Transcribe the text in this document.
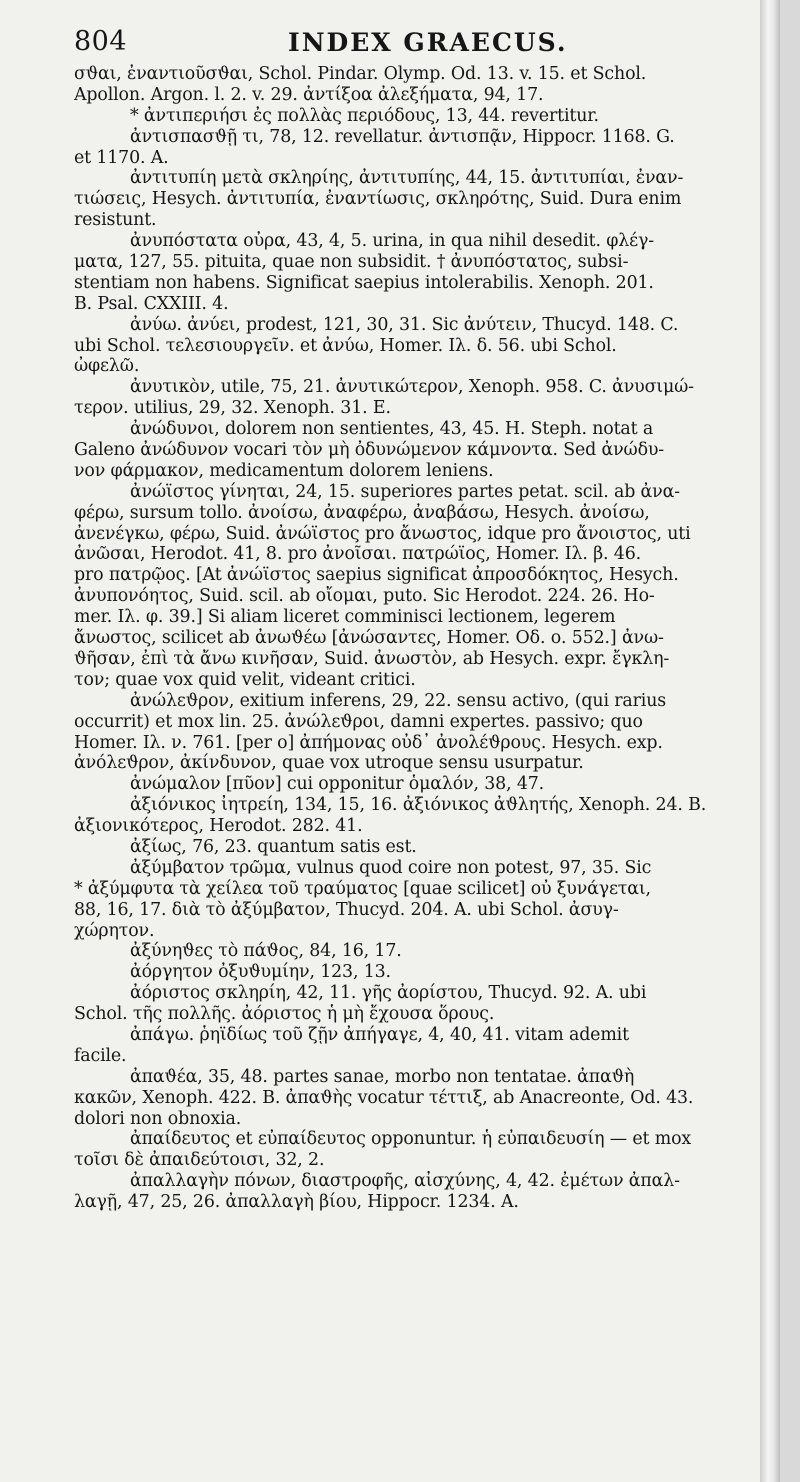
804	INDEX GRAECUS.
σϑαι, ἐναντιοῦσϑαι, Schol. Pindar. Olymp. Od. 13. v. 15. et Schol.
Apollon. Argon. l. 2. v. 29. ἀντίξοα ἀλεξήματα, 94, 17.
* ἀντιπεριήσι ἐς πολλὰς περιόδους, 13, 44. revertitur.
ἀντισπασϑῇ τι, 78, 12. revellatur. ἀντισπᾷν, Hippocr. 1168. G.
et 1170. A.
ἀντιτυπίη μετὰ σκληρίης, ἀντιτυπίης, 44, 15. ἀντιτυπίαι, ἐναν-
τιώσεις, Hesych. ἀντιτυπία, ἐναντίωσις, σκληρότης, Suid. Dura enim
resistunt.
ἀνυπόστατα οὖρα, 43, 4, 5. urina, in qua nihil desedit. φλέγ-
ματα, 127, 55. pituita, quae non subsidit. † ἀνυπόστατος, subsi-
stentiam non habens. Significat saepius intolerabilis. Xenoph. 201.
B. Psal. CXXIII. 4.
ἀνύω. ἀνύει, prodest, 121, 30, 31. Sic ἀνύτειν, Thucyd. 148. C.
ubi Schol. τελεσιουργεῖν. et ἀνύω, Homer. Ιλ. δ. 56. ubi Schol.
ὠφελῶ.
ἀνυτικὸν, utile, 75, 21. ἀνυτικώτερον, Xenoph. 958. C. ἀνυσιμώ-
τερον. utilius, 29, 32. Xenoph. 31. E.
ἀνώδυνοι, dolorem non sentientes, 43, 45. H. Steph. notat a
Galeno ἀνώδυνον vocari τὸν μὴ ὀδυνώμενον κάμνοντα. Sed ἀνώδυ-
νον φάρμακον, medicamentum dolorem leniens.
ἀνώϊστος γίνηται, 24, 15. superiores partes petat. scil. ab ἀνα-
φέρω, sursum tollo. ἀνοίσω, ἀναφέρω, ἀναβάσω, Hesych. ἀνοίσω,
ἀνενέγκω, φέρω, Suid. ἀνώϊστος pro ἄνωστος, idque pro ἄνοιστος, uti
ἀνῶσαι, Herodot. 41, 8. pro ἀνοῖσαι. πατρώϊος, Homer. Ιλ. β. 46.
pro πατρῷος. [At ἀνώϊστος saepius significat ἀπροσδόκητος, Hesych.
ἀνυπονόητος, Suid. scil. ab οἴομαι, puto. Sic Herodot. 224. 26. Ho-
mer. Ιλ. φ. 39.] Si aliam liceret comminisci lectionem, legerem
ἄνωστος, scilicet ab ἀνωϑέω [ἀνώσαντες, Homer. Οδ. ο. 552.] ἀνω-
ϑῆσαν, ἐπὶ τὰ ἄνω κινῆσαν, Suid. ἀνωστὸν, ab Hesych. expr. ἔγκλη-
τον; quae vox quid velit, videant critici.
ἀνώλεϑρον, exitium inferens, 29, 22. sensu activo, (qui rarius
occurrit) et mox lin. 25. ἀνώλεϑροι, damni expertes. passivo; quo
Homer. Ιλ. ν. 761. [per o] ἀπήμονας οὐδ᾽ ἀνολέϑρους. Hesych. exp.
ἀνόλεϑρον, ἀκίνδυνον, quae vox utroque sensu usurpatur.
ἀνώμαλον [πῦον] cui opponitur ὁμαλόν, 38, 47.
ἀξιόνικος ἰητρείη, 134, 15, 16. ἀξιόνικος ἀϑλητής, Xenoph. 24. B.
ἀξιονικότερος, Herodot. 282. 41.
ἀξίως, 76, 23. quantum satis est.
ἀξύμβατον τρῶμα, vulnus quod coire non potest, 97, 35. Sic
* ἀξύμφυτα τὰ χείλεα τοῦ τραύματος [quae scilicet] οὐ ξυνάγεται,
88, 16, 17. διὰ τὸ ἀξύμβατον, Thucyd. 204. A. ubi Schol. ἀσυγ-
χώρητον.
ἀξύνηϑες τὸ πάϑος, 84, 16, 17.
ἀόργητον ὀξυϑυμίην, 123, 13.
ἀόριστος σκληρίη, 42, 11. γῆς ἀορίστου, Thucyd. 92. A. ubi
Schol. τῆς πολλῆς. ἀόριστος ἡ μὴ ἔχουσα ὅρους.
ἀπάγω. ῥηϊδίως τοῦ ζῇν ἀπήγαγε, 4, 40, 41. vitam ademit
facile.
ἀπαϑέα, 35, 48. partes sanae, morbo non tentatae. ἀπαϑὴ
κακῶν, Xenoph. 422. B. ἀπαϑὴς vocatur τέττιξ, ab Anacreonte, Od. 43.
dolori non obnoxia.
ἀπαίδευτος et εὐπαίδευτος opponuntur. ἡ εὐπαιδευσίη — et mox
τοῖσι δὲ ἀπαιδεύτοισι, 32, 2.
ἀπαλλαγὴν πόνων, διαστροφῆς, αἰσχύνης, 4, 42. ἐμέτων ἀπαλ-
λαγῇ, 47, 25, 26. ἀπαλλαγὴ βίου, Hippocr. 1234. A.
